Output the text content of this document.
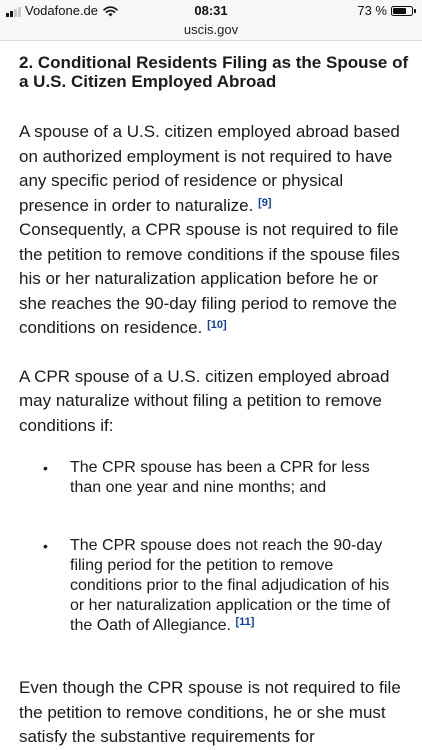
Vodafone.de	08:31	73 %
uscis.gov
2. Conditional Residents Filing as the Spouse of a U.S. Citizen Employed Abroad

A spouse of a U.S. citizen employed abroad based on authorized employment is not required to have any specific period of residence or physical presence in order to naturalize. [9]
Consequently, a CPR spouse is not required to file the petition to remove conditions if the spouse files his or her naturalization application before he or she reaches the 90-day filing period to remove the conditions on residence. [10]

A CPR spouse of a U.S. citizen employed abroad may naturalize without filing a petition to remove conditions if:

• The CPR spouse has been a CPR for less than one year and nine months; and
• The CPR spouse does not reach the 90-day filing period for the petition to remove conditions prior to the final adjudication of his or her naturalization application or the time of the Oath of Allegiance. [11]

Even though the CPR spouse is not required to file the petition to remove conditions, he or she must satisfy the substantive requirements for
